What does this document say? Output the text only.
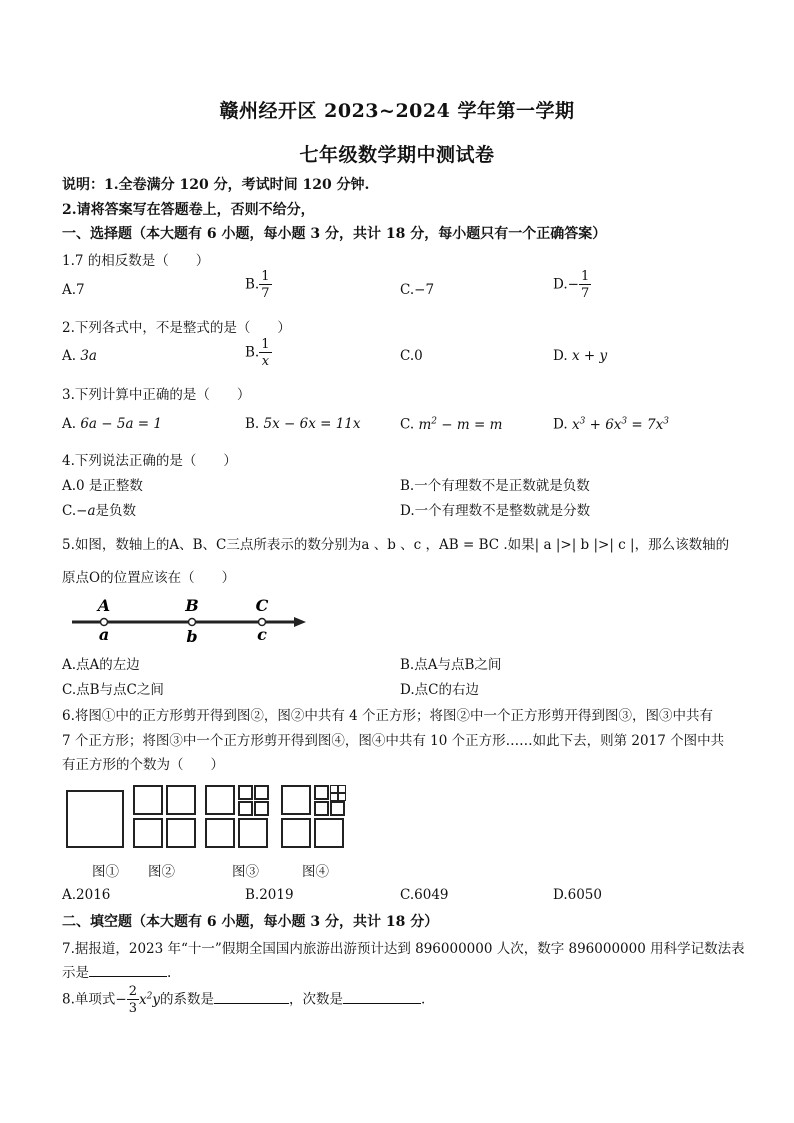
赣州经开区 2023~2024 学年第一学期
七年级数学期中测试卷
说明：1.全卷满分 120 分，考试时间 120 分钟.
2.请将答案写在答题卷上，否则不给分，
一、选择题（本大题有 6 小题，每小题 3 分，共计 18 分，每小题只有一个正确答案）
1.7 的相反数是（　　）
A.7	B. $\frac{1}{7}$	C.−7	$D.- \frac{1}{7}$
2.下列各式中，不是整式的是（　　）
A. 3a	B. $\frac{1}{x}$	C.0	D. x + y
3.下列计算中正确的是（　　）
A. 6a − 5a = 1	B. 5x − 6x = 11x	C. $m^2 - m = m$	D. $x^3 + 6x^3 = 7x^3$
4.下列说法正确的是（　　）
A.0 是正整数	B.一个有理数不是正数就是负数
C.−a是负数	D.一个有理数不是整数就是分数
5.如图，数轴上的A、B、C三点所表示的数分别为a 、b 、c ，AB = BC .如果| a |>| b |>| c |，那么该数轴的
原点O的位置应该在（　　）
A	B	C
a	b	c
A.点A的左边	B.点A与点B之间
C.点B与点C之间	D.点C的右边
6.将图①中的正方形剪开得到图②，图②中共有 4 个正方形；将图②中一个正方形剪开得到图③，图③中共有
7 个正方形；将图③中一个正方形剪开得到图④，图④中共有 10 个正方形……如此下去，则第 2017 个图中共
有正方形的个数为（　　）
图① 图②	图③	图④
A.2016	B.2019	C.6049	D.6050
二、填空题（本大题有 6 小题，每小题 3 分，共计 18 分）
7.据报道，2023 年“十一”假期全国国内旅游出游预计达到 896000000 人次，数字 896000000 用科学记数法表
示是	.
8.单项式− $\frac{2}{3} x^2y$的系数是	，次数是	.
